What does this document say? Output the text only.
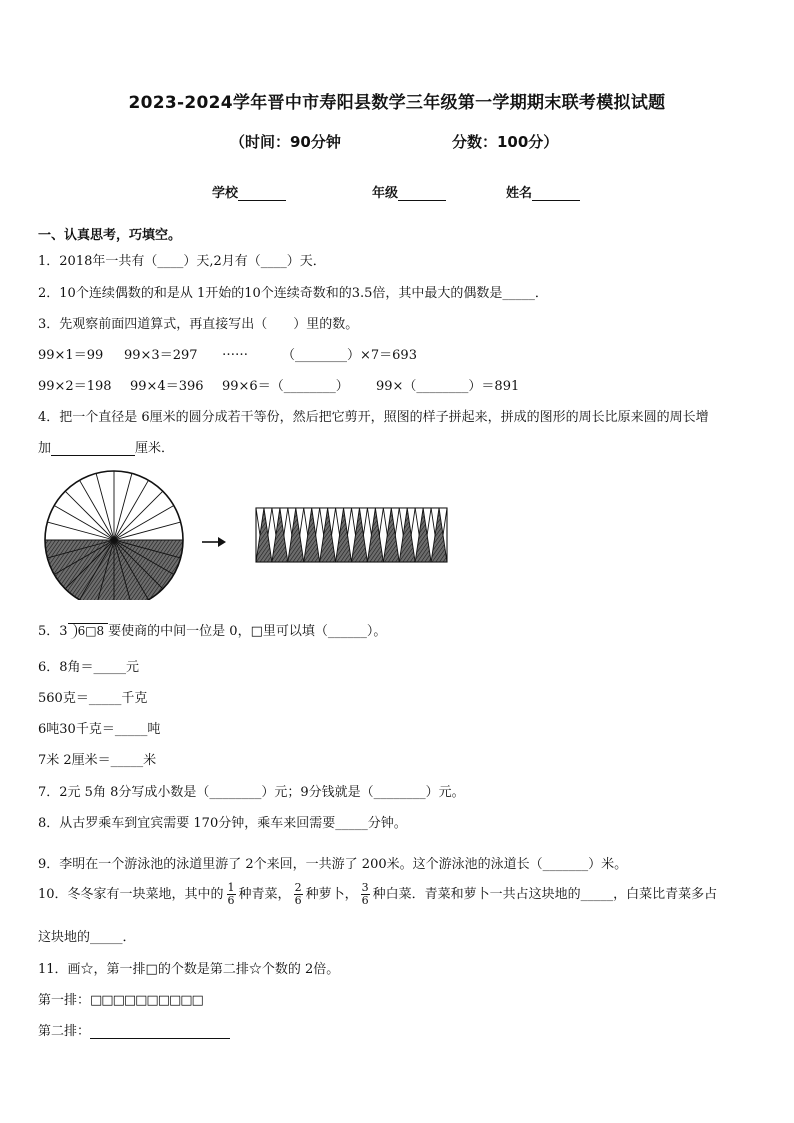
2023-2024学年晋中市寿阳县数学三年级第一学期期末联考模拟试题
（时间：90分钟	分数：100分）
学校	年级	姓名
一、认真思考，巧填空。
1．2018年一共有（____）天,2月有（____）天．
2．10个连续偶数的和是从 1开始的10个连续奇数和的3.5倍，其中最大的偶数是_____．
3．先观察前面四道算式，再直接写出（　　）里的数。
99×1＝99 99×3＝297 ……	（________）×7＝693
99×2＝198 99×4＝396 99×6＝（________） 99×（________）＝891
4．把一个直径是 6厘米的圆分成若干等份，然后把它剪开，照图的样子拼起来，拼成的图形的周长比原来圆的周长增
加	厘米．
5．3 6□8 要使商的中间一位是 0，□里可以填（______）。
6．8角＝_____元
560克＝_____千克
6吨30千克＝_____吨
7米 2厘米＝_____米
7．2元 5角 8分写成小数是（________）元；9分钱就是（________）元。
8．从古罗乘车到宜宾需要 170分钟，乘车来回需要_____分钟。
9．李明在一个游泳池的泳道里游了 2个来回，一共游了 200米。这个游泳池的泳道长（_______）米。
10．冬冬家有一块菜地，其中的 $\frac{1}{6}$ 种青菜， $\frac{2}{6}$ 种萝卜， $\frac{3}{6}$ 种白菜．青菜和萝卜一共占这块地的_____，白菜比青菜多占
这块地的_____．
11．画☆，第一排□的个数是第二排☆个数的 2倍。
第一排：□□□□□□□□□□
第二排：
